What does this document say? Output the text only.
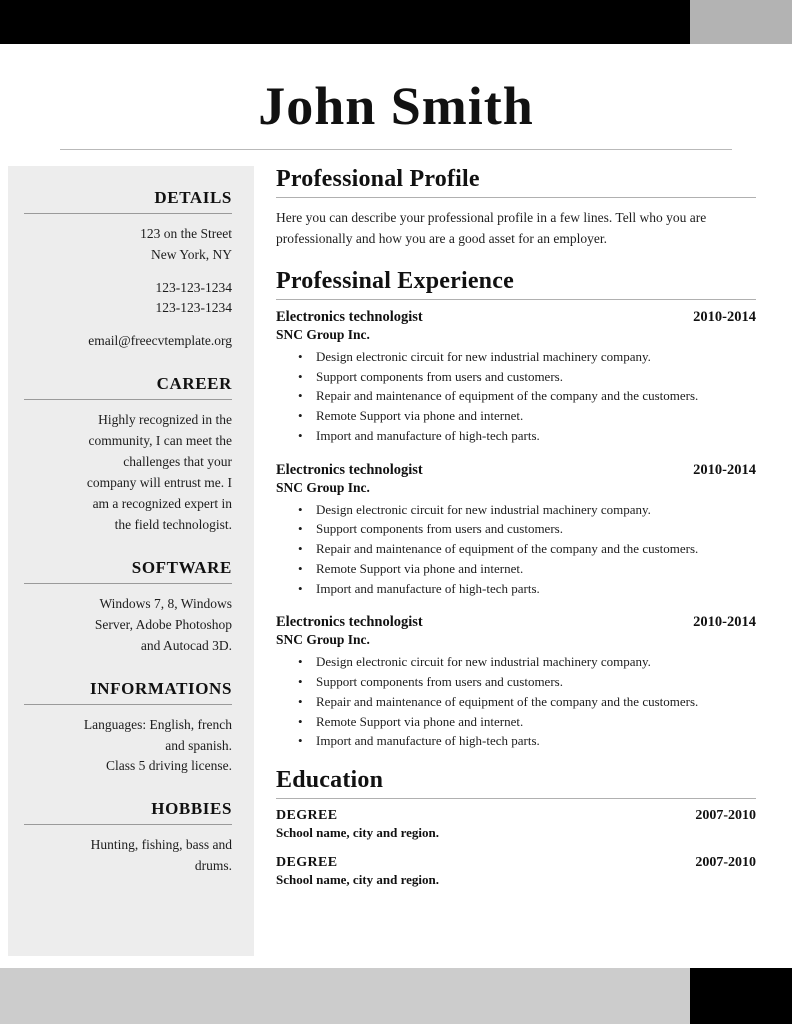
John Smith
DETAILS

123 on the Street
New York, NY

123-123-1234
123-123-1234

email@freecvtemplate.org

CAREER

Highly recognized in the
community, I can meet the
challenges that your
company will entrust me. I
am a recognized expert in
the field technologist.

SOFTWARE

Windows 7, 8, Windows
Server, Adobe Photoshop
and Autocad 3D.

INFORMATIONS

Languages: English, french
and spanish.
Class 5 driving license.

HOBBIES

Hunting, fishing, bass and
drums.

Professional Profile

Here you can describe your professional profile in a few lines. Tell who you are professionally and how you are a good asset for an employer.

Professinal Experience
Electronics technologist	2010-2014
SNC Group Inc.
• Design electronic circuit for new industrial machinery company.
• Support components from users and customers.
• Repair and maintenance of equipment of the company and the customers.
• Remote Support via phone and internet.
• Import and manufacture of high-tech parts.
Electronics technologist	2010-2014
SNC Group Inc.
• Design electronic circuit for new industrial machinery company.
• Support components from users and customers.
• Repair and maintenance of equipment of the company and the customers.
• Remote Support via phone and internet.
• Import and manufacture of high-tech parts.
Electronics technologist	2010-2014
SNC Group Inc.
• Design electronic circuit for new industrial machinery company.
• Support components from users and customers.
• Repair and maintenance of equipment of the company and the customers.
• Remote Support via phone and internet.
• Import and manufacture of high-tech parts.
Education
DEGREE	2007-2010
School name, city and region.
DEGREE	2007-2010
School name, city and region.
